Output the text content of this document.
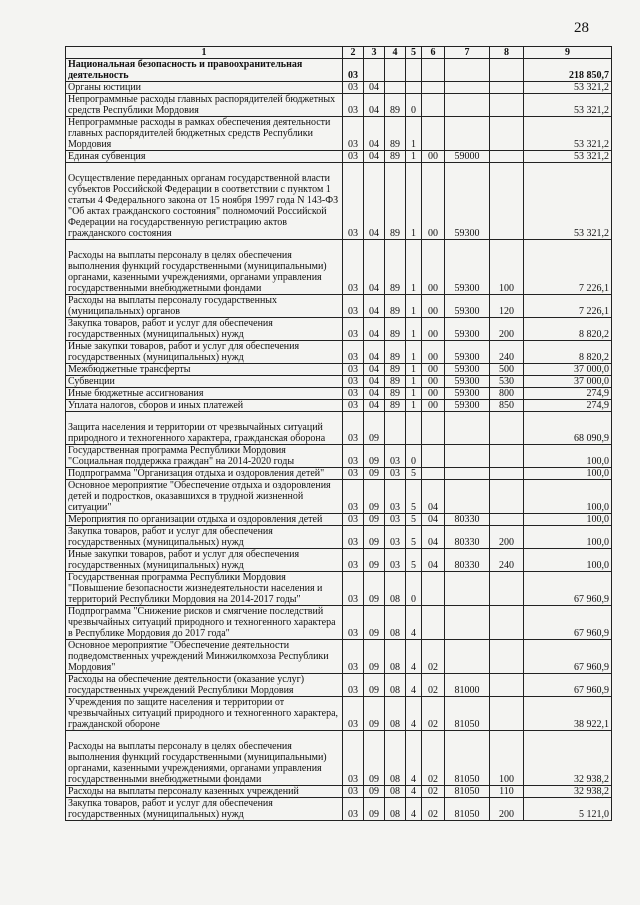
28
1	2	3	4	5	6	7	8	9
Национальная безопасность и правоохранительная деятельность	03							218 850,7
Органы юстиции	03	04						53 321,2
Непрограммные расходы главных распорядителей бюджетных средств Республики Мордовия	03	04	89	0				53 321,2
Непрограммные расходы в рамках обеспечения деятельности главных распорядителей бюджетных средств Республики Мордовия	03	04	89	1				53 321,2
Единая субвенция	03	04	89	1	00	59000		53 321,2
Осуществление переданных органам государственной власти субъектов Российской Федерации в соответствии с пунктом 1 статьи 4 Федерального закона от 15 ноября 1997 года N 143-ФЗ "Об актах гражданского состояния" полномочий Российской Федерации на государственную регистрацию актов гражданского состояния	03	04	89	1	00	59300		53 321,2
Расходы на выплаты персоналу в целях обеспечения выполнения функций государственными (муниципальными) органами, казенными учреждениями, органами управления государственными внебюджетными фондами	03	04	89	1	00	59300	100	7 226,1
Расходы на выплаты персоналу государственных (муниципальных) органов	03	04	89	1	00	59300	120	7 226,1
Закупка товаров, работ и услуг для обеспечения государственных (муниципальных) нужд	03	04	89	1	00	59300	200	8 820,2
Иные закупки товаров, работ и услуг для обеспечения государственных (муниципальных) нужд	03	04	89	1	00	59300	240	8 820,2
Межбюджетные трансферты	03	04	89	1	00	59300	500	37 000,0
Субвенции	03	04	89	1	00	59300	530	37 000,0
Иные бюджетные ассигнования	03	04	89	1	00	59300	800	274,9
Уплата налогов, сборов и иных платежей	03	04	89	1	00	59300	850	274,9
Защита населения и территории от чрезвычайных ситуаций природного и техногенного характера, гражданская оборона	03	09						68 090,9
Государственная программа Республики Мордовия "Социальная поддержка граждан" на 2014-2020 годы	03	09	03	0				100,0
Подпрограмма "Организация отдыха и оздоровления детей"	03	09	03	5				100,0
Основное мероприятие "Обеспечение отдыха и оздоровления детей и подростков, оказавшихся в трудной жизненной ситуации"	03	09	03	5	04			100,0
Мероприятия по организации отдыха и оздоровления детей	03	09	03	5	04	80330		100,0
Закупка товаров, работ и услуг для обеспечения государственных (муниципальных) нужд	03	09	03	5	04	80330	200	100,0
Иные закупки товаров, работ и услуг для обеспечения государственных (муниципальных) нужд	03	09	03	5	04	80330	240	100,0
Государственная программа Республики Мордовия "Повышение безопасности жизнедеятельности населения и территорий Республики Мордовия на 2014-2017 годы"	03	09	08	0				67 960,9
Подпрограмма "Снижение рисков и смягчение последствий чрезвычайных ситуаций природного и техногенного характера в Республике Мордовия до 2017 года"	03	09	08	4				67 960,9
Основное мероприятие "Обеспечение деятельности подведомственных учреждений Минжилкомхоза Республики Мордовия"	03	09	08	4	02			67 960,9
Расходы на обеспечение деятельности (оказание услуг) государственных учреждений Республики Мордовия	03	09	08	4	02	81000		67 960,9
Учреждения по защите населения и территории от чрезвычайных ситуаций природного и техногенного характера, гражданской обороне	03	09	08	4	02	81050		38 922,1
Расходы на выплаты персоналу в целях обеспечения выполнения функций государственными (муниципальными) органами, казенными учреждениями, органами управления государственными внебюджетными фондами	03	09	08	4	02	81050	100	32 938,2
Расходы на выплаты персоналу казенных учреждений	03	09	08	4	02	81050	110	32 938,2
Закупка товаров, работ и услуг для обеспечения государственных (муниципальных) нужд	03	09	08	4	02	81050	200	5 121,0
